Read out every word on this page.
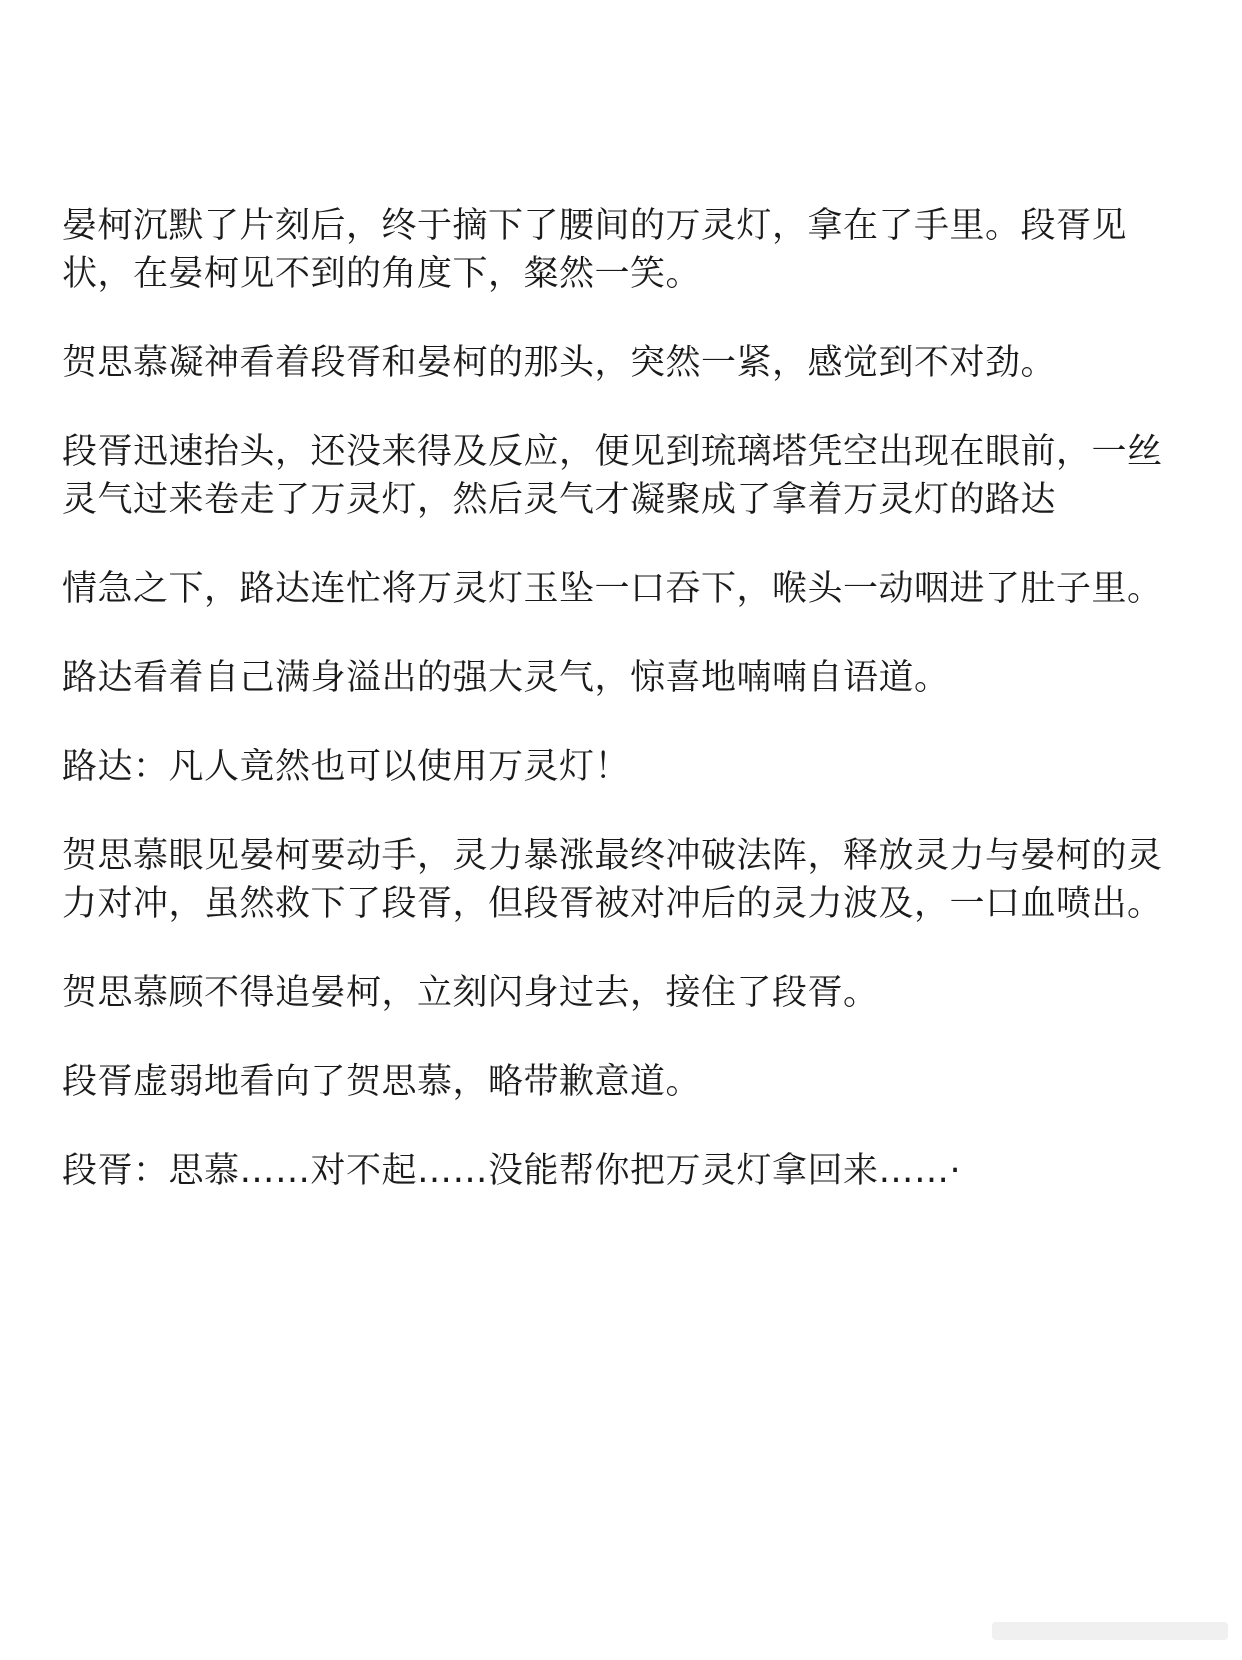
晏柯沉默了片刻后，终于摘下了腰间的万灵灯，拿在了手里。段胥见状，在晏柯见不到的角度下，粲然一笑。

贺思慕凝神看着段胥和晏柯的那头，突然一紧，感觉到不对劲。

段胥迅速抬头，还没来得及反应，便见到琉璃塔凭空出现在眼前，一丝灵气过来卷走了万灵灯，然后灵气才凝聚成了拿着万灵灯的路达

情急之下，路达连忙将万灵灯玉坠一口吞下，喉头一动咽进了肚子里。

路达看着自己满身溢出的强大灵气，惊喜地喃喃自语道。

路达：凡人竟然也可以使用万灵灯！

贺思慕眼见晏柯要动手，灵力暴涨最终冲破法阵，释放灵力与晏柯的灵力对冲，虽然救下了段胥，但段胥被对冲后的灵力波及，一口血喷出。

贺思慕顾不得追晏柯，立刻闪身过去，接住了段胥。

段胥虚弱地看向了贺思慕，略带歉意道。

段胥：思慕……对不起……没能帮你把万灵灯拿回来……·
